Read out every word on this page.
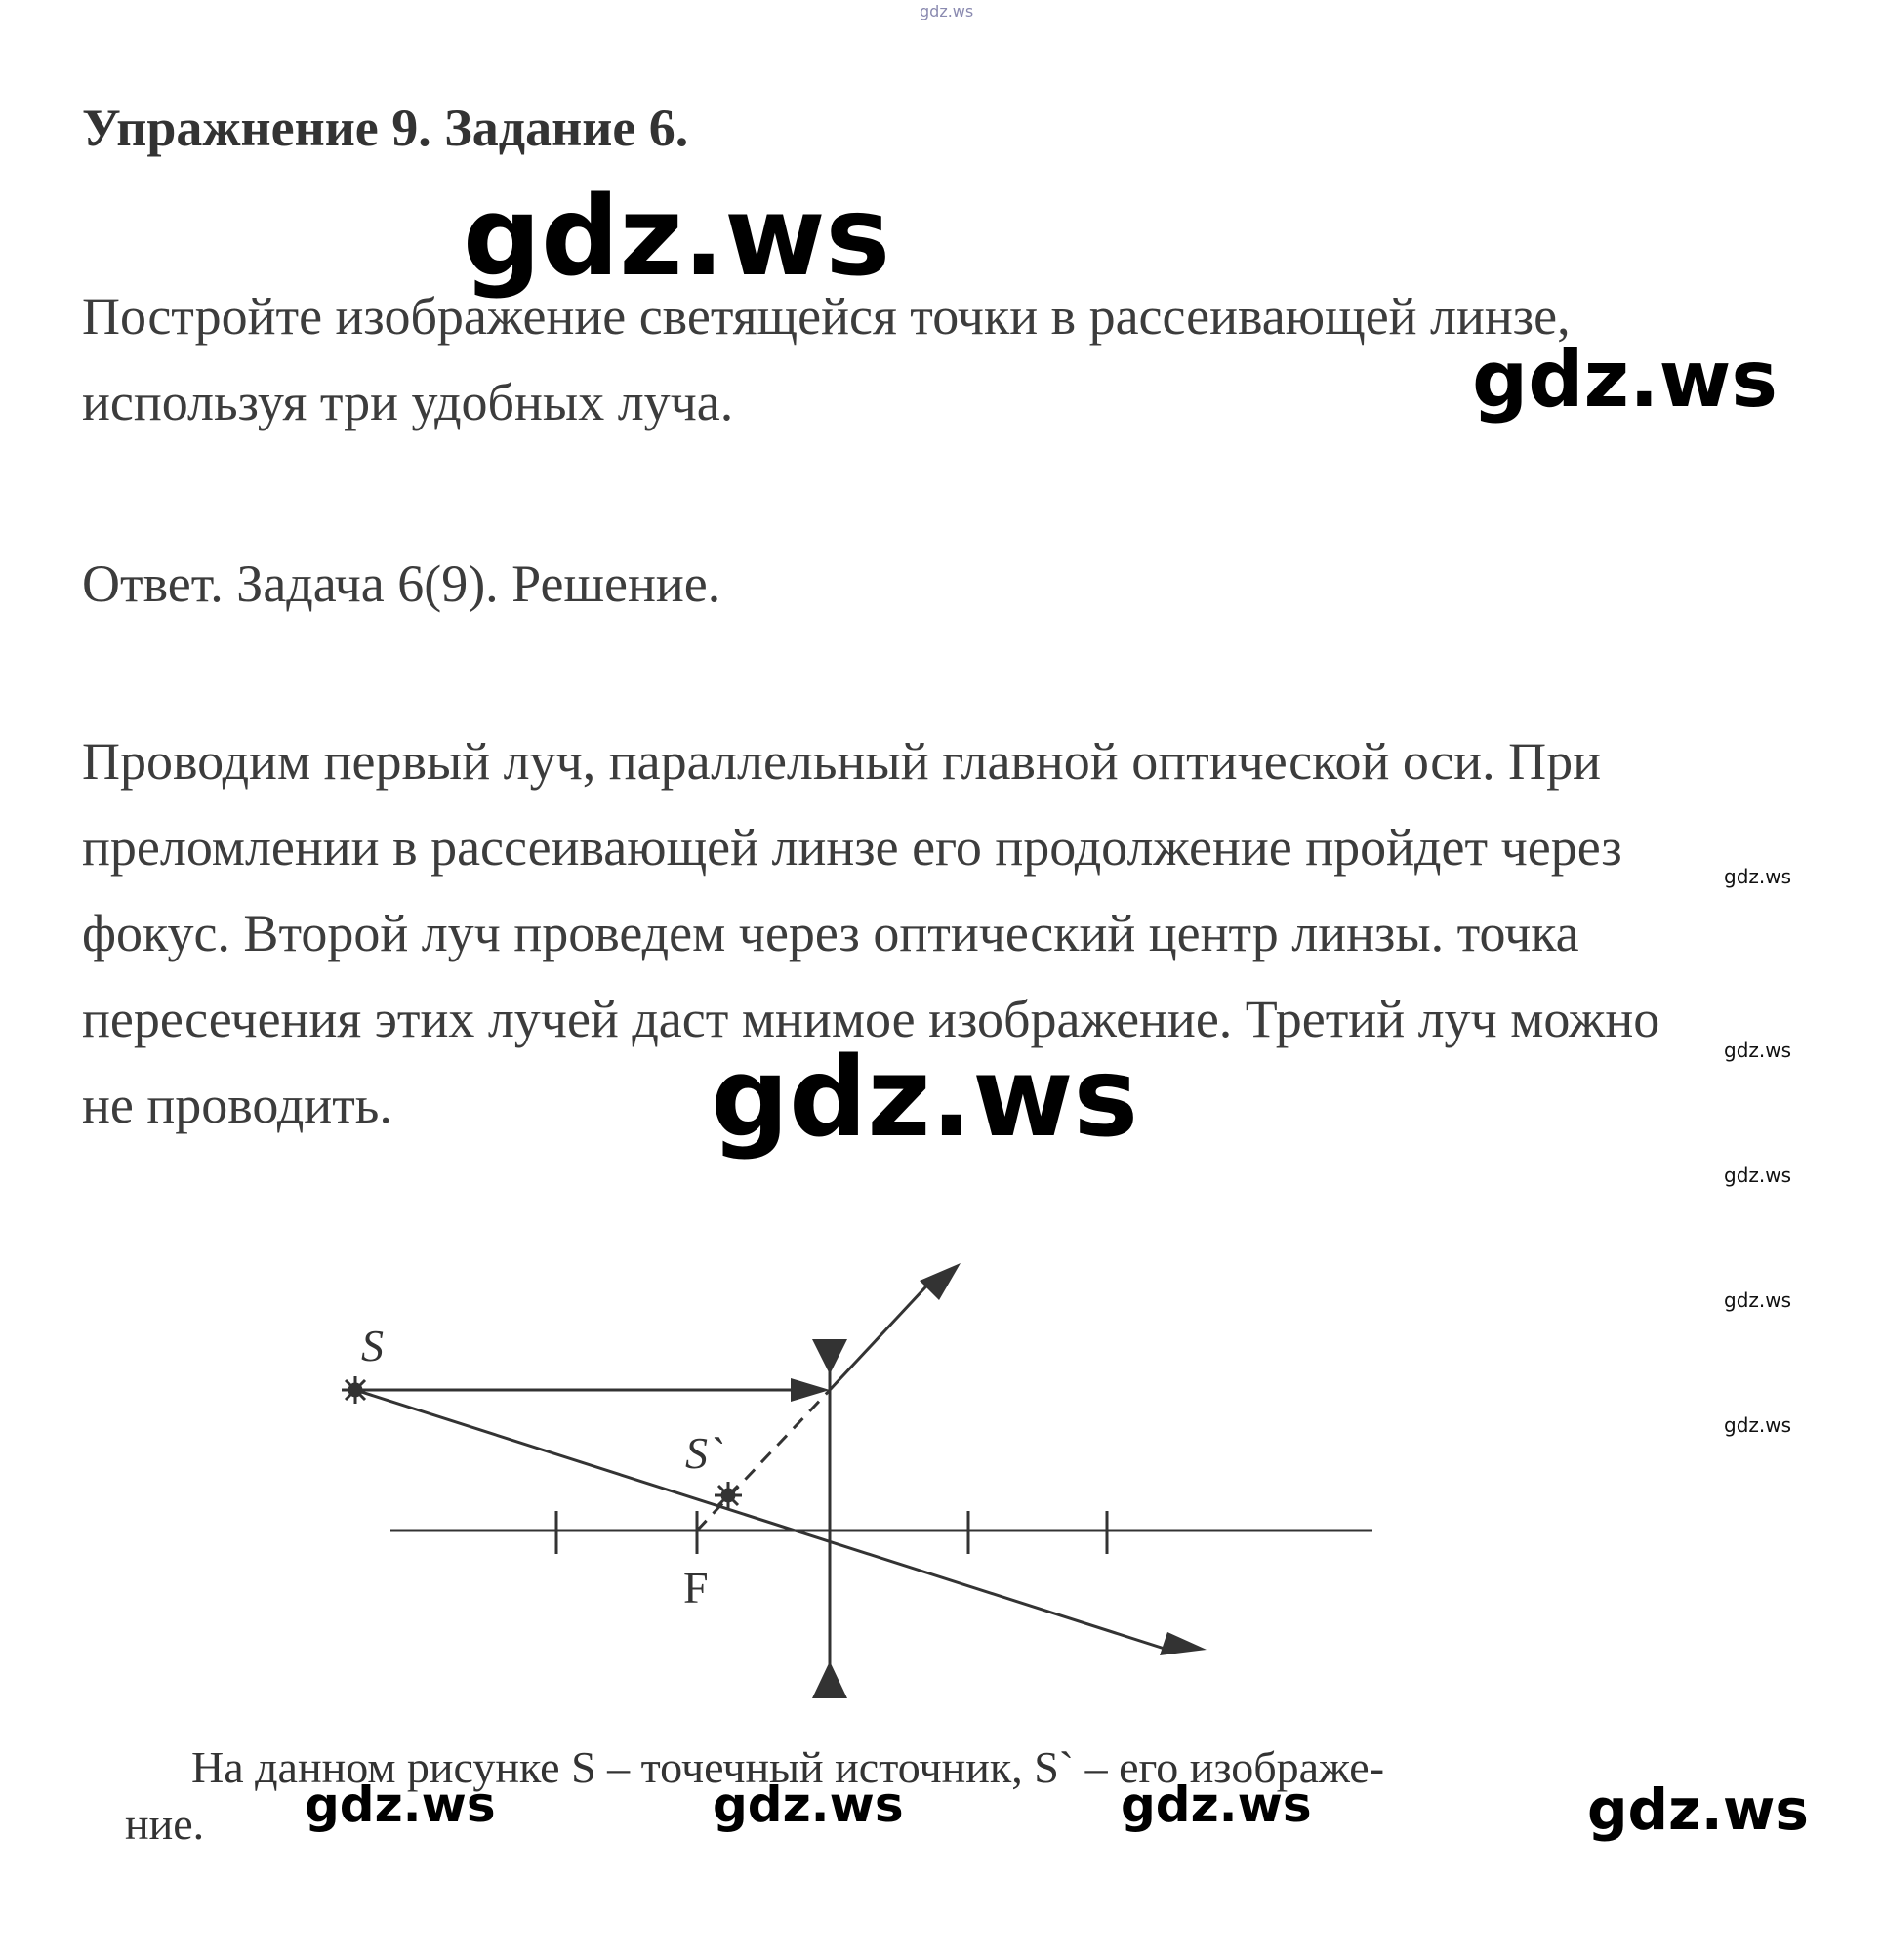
gdz.ws
Упражнение 9. Задание 6.
gdz.ws
Постройте изображение светящейся точки в рассеивающей линзе,
используя три удобных луча.	gdz.ws
Ответ. Задача 6(9). Решение.
Проводим первый луч, параллельный главной оптической оси. При
преломлении в рассеивающей линзе его продолжение пройдет через
фокус. Второй луч проведем через оптический центр линзы. точка
пересечения этих лучей даст мнимое изображение. Третий луч можно
не проводить.	gdz.ws
gdz.ws
gdz.ws
gdz.ws
gdz.ws
gdz.ws
S
S`
F
На данном рисунке S – точечный источник, S` – его изображе-
ние. gdz.ws	gdz.ws	gdz.ws	gdz.ws
